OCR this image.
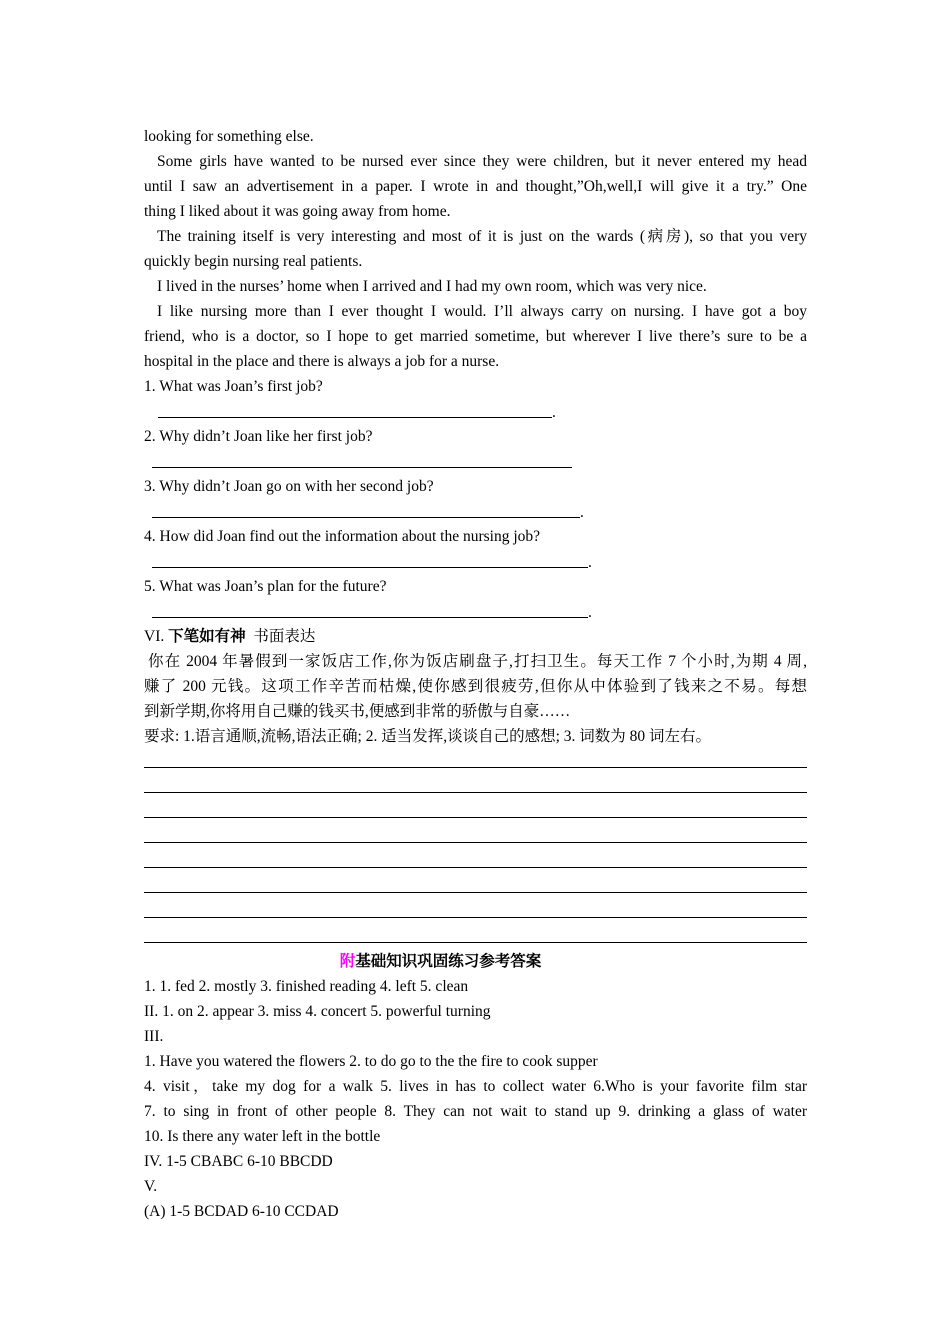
looking for something else.
Some girls have wanted to be nursed ever since they were children, but it never entered my head
until I saw an advertisement in a paper. I wrote in and thought,”Oh,well,I will give it a try.” One
thing I liked about it was going away from home.
The training itself is very interesting and most of it is just on the wards (病房), so that you very
quickly begin nursing real patients.
I lived in the nurses’ home when I arrived and I had my own room, which was very nice.
I like nursing more than I ever thought I would. I’ll always carry on nursing. I have got a boy
friend, who is a doctor, so I hope to get married sometime, but wherever I live there’s sure to be a
hospital in the place and there is always a job for a nurse.
1. What was Joan’s first job?
.
2. Why didn’t Joan like her first job?
3. Why didn’t Joan go on with her second job?
.
4. How did Joan find out the information about the nursing job?
.
5. What was Joan’s plan for the future?
.
VI. 下笔如有神  书面表达
你在 2004 年暑假到一家饭店工作,你为饭店刷盘子,打扫卫生。每天工作 7 个小时,为期 4 周,
赚了 200 元钱。这项工作辛苦而枯燥,使你感到很疲劳,但你从中体验到了钱来之不易。每想
到新学期,你将用自己赚的钱买书,便感到非常的骄傲与自豪……
要求: 1.语言通顺,流畅,语法正确; 2. 适当发挥,谈谈自己的感想; 3. 词数为 80 词左右。
附基础知识巩固练习参考答案
1. 1. fed 2. mostly 3. finished reading 4. left 5. clean
II. 1. on 2. appear 3. miss 4. concert 5. powerful turning
III.
1. Have you watered the flowers 2. to do go to the the fire to cook supper
4. visit，take my dog for a walk 5. lives in has to collect water 6.Who is your favorite film star
7. to sing in front of other people 8. They can not wait to stand up 9. drinking a glass of water
10. Is there any water left in the bottle
IV. 1-5 CBABC 6-10 BBCDD
V.
(A) 1-5 BCDAD 6-10 CCDAD
